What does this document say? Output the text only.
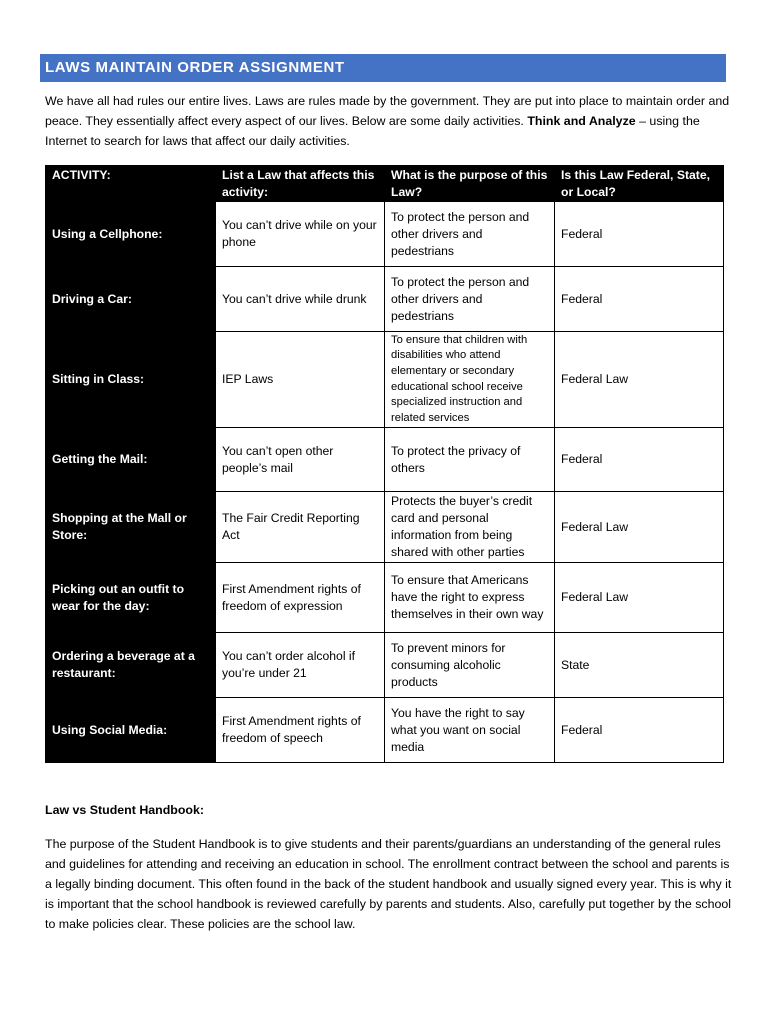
LAWS MAINTAIN ORDER ASSIGNMENT
We have all had rules our entire lives. Laws are rules made by the government. They are put into place to maintain order and peace. They essentially affect every aspect of our lives. Below are some daily activities. Think and Analyze – using the Internet to search for laws that affect our daily activities.
ACTIVITY:	List a Law that affects this activity:	What is the purpose of this Law?	Is this Law Federal, State, or Local?
Using a Cellphone:	You can’t drive while on your phone	To protect the person and other drivers and pedestrians	Federal
Driving a Car:	You can’t drive while drunk	To protect the person and other drivers and pedestrians	Federal
Sitting in Class:	IEP Laws	To ensure that children with disabilities who attend elementary or secondary educational school receive specialized instruction and related services	Federal Law
Getting the Mail:	You can’t open other people’s mail	To protect the privacy of others	Federal
Shopping at the Mall or Store:	The Fair Credit Reporting Act	Protects the buyer’s credit card and personal information from being shared with other parties	Federal Law
Picking out an outfit to wear for the day:	First Amendment rights of freedom of expression	To ensure that Americans have the right to express themselves in their own way	Federal Law
Ordering a beverage at a restaurant:	You can’t order alcohol if you’re under 21	To prevent minors for consuming alcoholic products	State
Using Social Media:	First Amendment rights of freedom of speech	You have the right to say what you want on social media	Federal
Law vs Student Handbook:
The purpose of the Student Handbook is to give students and their parents/guardians an understanding of the general rules and guidelines for attending and receiving an education in school. The enrollment contract between the school and parents is a legally binding document. This often found in the back of the student handbook and usually signed every year. This is why it is important that the school handbook is reviewed carefully by parents and students. Also, carefully put together by the school to make policies clear. These policies are the school law.
